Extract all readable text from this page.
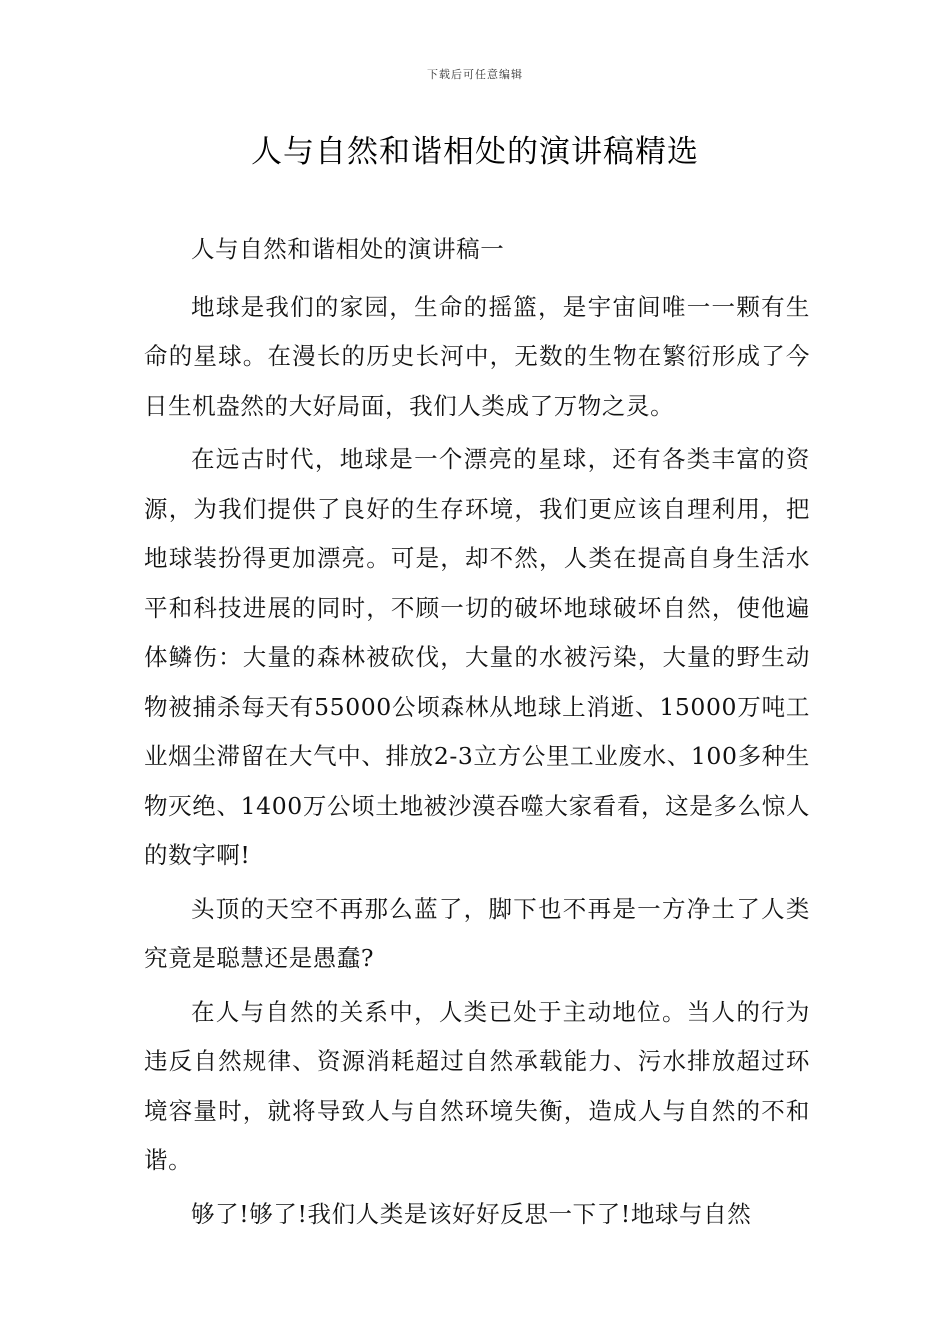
下载后可任意编辑
人与自然和谐相处的演讲稿精选

人与自然和谐相处的演讲稿一

地球是我们的家园，生命的摇篮，是宇宙间唯一一颗有生命的星球。在漫长的历史长河中，无数的生物在繁衍形成了今日生机盎然的大好局面，我们人类成了万物之灵。

在远古时代，地球是一个漂亮的星球，还有各类丰富的资源，为我们提供了良好的生存环境，我们更应该自理利用，把地球装扮得更加漂亮。可是，却不然，人类在提高自身生活水平和科技进展的同时，不顾一切的破坏地球破坏自然，使他遍体鳞伤：大量的森林被砍伐，大量的水被污染，大量的野生动物被捕杀每天有55000公顷森林从地球上消逝、15000万吨工业烟尘滞留在大气中、排放2-3立方公里工业废水、100多种生物灭绝、1400万公顷土地被沙漠吞噬大家看看，这是多么惊人的数字啊!

头顶的天空不再那么蓝了，脚下也不再是一方净土了人类究竟是聪慧还是愚蠢?

在人与自然的关系中，人类已处于主动地位。当人的行为违反自然规律、资源消耗超过自然承载能力、污水排放超过环境容量时，就将导致人与自然环境失衡，造成人与自然的不和谐。

够了!够了!我们人类是该好好反思一下了!地球与自然
